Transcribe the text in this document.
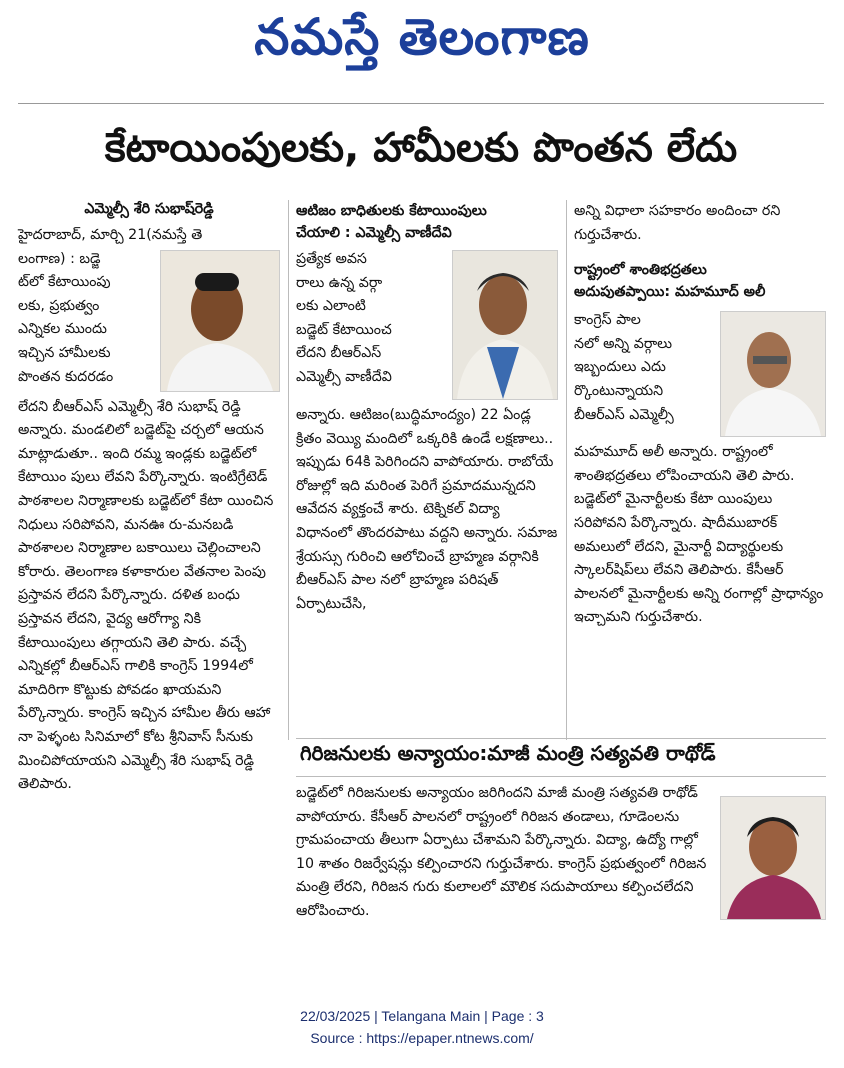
నమస్తే తెలంగాణ
కేటాయింపులకు, హామీలకు పొంతన లేదు
ఎమ్మెల్సీ శేరి సుభాష్‌రెడ్డి

హైదరాబాద్, మార్చి 21(నమస్తే తె

లంగాణ) : బడ్జె

ట్‌లో కేటాయింపు

లకు, ప్రభుత్వం

ఎన్నికల ముందు

ఇచ్చిన హామీలకు

పొంతన కుదరడం

లేదని బీఆర్‌ఎస్ ఎమ్మెల్సీ శేరి సుభాష్ రెడ్డి అన్నారు. మండలిలో బడ్జెట్‌పై చర్చలో ఆయన మాట్లాడుతూ.. ఇంది రమ్మ ఇండ్లకు బడ్జెట్‌లో కేటాయిం పులు లేవని పేర్కొన్నారు. ఇంటిగ్రేటెడ్ పాఠశాలల నిర్మాణాలకు బడ్జెట్‌లో కేటా యించిన నిధులు సరిపోవని, మనఊ రు-మనబడి పాఠశాలల నిర్మాణాల బకాయిలు చెల్లించాలని కోరారు. తెలంగాణ కళాకారుల వేతనాల పెంపు ప్రస్తావన లేదని పేర్కొన్నారు. దళిత బంధు ప్రస్తావన లేదని, వైద్య ఆరోగ్యా నికి కేటాయింపులు తగ్గాయని తెలి పారు. వచ్చే ఎన్నికల్లో బీఆర్‌ఎస్ గాలికి కాంగ్రెస్ 1994లో మాదిరిగా కొట్టుకు పోవడం ఖాయమని పేర్కొన్నారు. కాంగ్రెస్ ఇచ్చిన హామీల తీరు ఆహా నా పెళ్ళంట సినిమాలో కోట శ్రీనివాస్ సీనుకు మించిపోయాయని ఎమ్మెల్సీ శేరి సుభాష్ రెడ్డి తెలిపారు.

ఆటిజం బాధితులకు కేటాయింపులు
చేయాలి : ఎమ్మెల్సీ వాణీదేవి

ప్రత్యేక అవస

రాలు ఉన్న వర్గా

లకు ఎలాంటి

బడ్జెట్ కేటాయించ

లేదని బీఆర్‌ఎస్

ఎమ్మెల్సీ వాణీదేవి

అన్నారు. ఆటిజం(బుద్ధిమాంద్యం) 22 ఏండ్ల క్రితం వెయ్యి మందిలో ఒక్కరికి ఉండే లక్షణాలు.. ఇప్పుడు 64కి పెరిగిందని వాపోయారు. రాబోయే రోజుల్లో ఇది మరింత పెరిగే ప్రమాదమున్నదని ఆవేదన వ్యక్తంచే శారు. టెక్నికల్ విద్యా విధానంలో తొందరపాటు వద్దని అన్నారు. సమాజ శ్రేయస్సు గురించి ఆలోచించే బ్రాహ్మణ వర్గానికి బీఆర్‌ఎస్ పాల నలో బ్రాహ్మణ పరిషత్ ఏర్పాటుచేసి,

అన్ని విధాలా సహకారం అందించా రని గుర్తుచేశారు.

రాష్ట్రంలో శాంతిభద్రతలు
అదుపుతప్పాయి: మహమూద్ అలీ

కాంగ్రెస్ పాల

నలో అన్ని వర్గాలు

ఇబ్బందులు ఎదు

ర్కొంటున్నాయని

బీఆర్‌ఎస్ ఎమ్మెల్సీ

మహమూద్ అలీ అన్నారు. రాష్ట్రంలో శాంతిభద్రతలు లోపించాయని తెలి పారు. బడ్జెట్‌లో మైనార్టీలకు కేటా యింపులు సరిపోవని పేర్కొన్నారు. షాదీముబారక్ అమలులో లేదని, మైనార్టీ విద్యార్థులకు స్కాలర్‌షిప్‌లు లేవని తెలిపారు. కేసీఆర్ పాలనలో మైనార్టీలకు అన్ని రంగాల్లో ప్రాధాన్యం ఇచ్చామని గుర్తుచేశారు.

గిరిజనులకు అన్యాయం:మాజీ మంత్రి సత్యవతి రాథోడ్

బడ్జెట్‌లో గిరిజనులకు అన్యాయం జరిగిందని మాజీ మంత్రి సత్యవతి రాథోడ్ వాపోయారు. కేసీఆర్ పాలనలో రాష్ట్రంలో గిరిజన తండాలు, గూడెంలను గ్రామపంచాయ తీలుగా ఏర్పాటు చేశామని పేర్కొన్నారు. విద్యా, ఉద్యో గాల్లో 10 శాతం రిజర్వేషన్లు కల్పించారని గుర్తుచేశారు. కాంగ్రెస్ ప్రభుత్వంలో గిరిజన మంత్రి లేరని, గిరిజన గురు కులాలలో మౌలిక సదుపాయాలు కల్పించలేదని ఆరోపించారు.

22/03/2025 | Telangana Main | Page : 3
Source : https://epaper.ntnews.com/
